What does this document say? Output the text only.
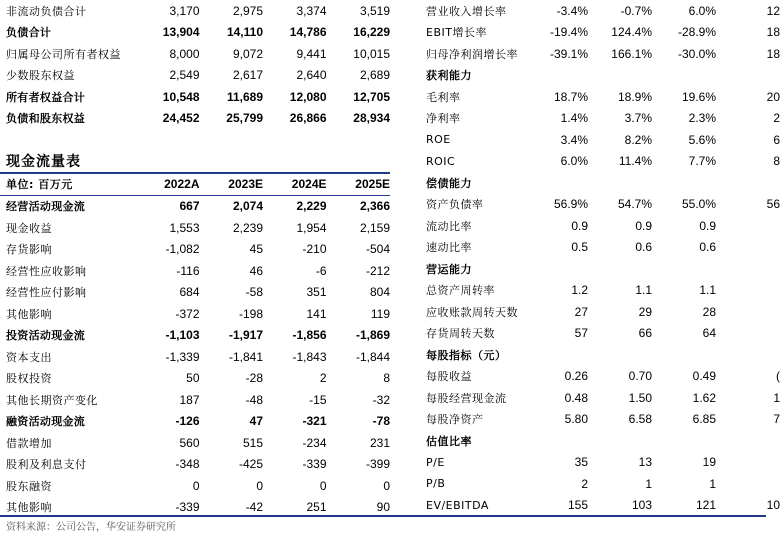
非流动负债合计	3,170	2,975	3,374	3,519
负债合计	13,904	14,110	14,786	16,229
归属母公司所有者权益	8,000	9,072	9,441	10,015
少数股东权益	2,549	2,617	2,640	2,689
所有者权益合计	10,548	11,689	12,080	12,705
负债和股东权益	24,452	25,799	26,866	28,934
现金流量表
单位: 百万元	2022A	2023E	2024E	2025E
经营活动现金流	667	2,074	2,229	2,366
现金收益	1,553	2,239	1,954	2,159
存货影响	-1,082	45	-210	-504
经营性应收影响	-116	46	-6	-212
经营性应付影响	684	-58	351	804
其他影响	-372	-198	141	119
投资活动现金流	-1,103	-1,917	-1,856	-1,869
资本支出	-1,339	-1,841	-1,843	-1,844
股权投资	50	-28	2	8
其他长期资产变化	187	-48	-15	-32
融资活动现金流	-126	47	-321	-78
借款增加	560	515	-234	231
股利及利息支付	-348	-425	-339	-399
股东融资	0	0	0	0
其他影响	-339	-42	251	90
营业收入增长率	-3.4%	-0.7%	6.0%	12
EBIT增长率	-19.4%	124.4%	-28.9%	18
归母净利润增长率	-39.1%	166.1%	-30.0%	18
获利能力				
毛利率	18.7%	18.9%	19.6%	20
净利率	1.4%	3.7%	2.3%	2
ROE	3.4%	8.2%	5.6%	6
ROIC	6.0%	11.4%	7.7%	8
偿债能力				
资产负债率	56.9%	54.7%	55.0%	56
流动比率	0.9	0.9	0.9	
速动比率	0.5	0.6	0.6	
营运能力				
总资产周转率	1.2	1.1	1.1	
应收账款周转天数	27	29	28	
存货周转天数	57	66	64	
每股指标（元）				
每股收益	0.26	0.70	0.49	(
每股经营现金流	0.48	1.50	1.62	1
每股净资产	5.80	6.58	6.85	7
估值比率				
P/E	35	13	19	
P/B	2	1	1	
EV/EBITDA	155	103	121	10
资料来源：公司公告，华安证券研究所
